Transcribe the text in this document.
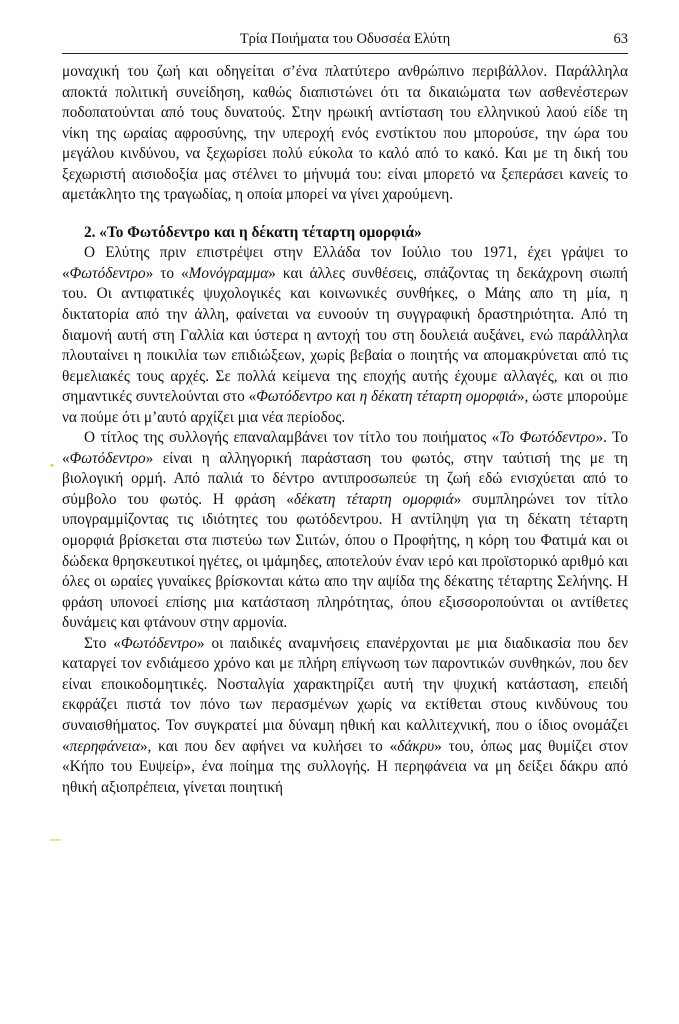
Τρία Ποιήματα του Οδυσσέα Ελύτη	63

μοναχική του ζωή και οδηγείται σ’ένα πλατύτερο ανθρώπινο περιβάλλον. Παράλληλα αποκτά πολιτική συνείδηση, καθώς διαπιστώνει ότι τα δικαιώματα των ασθενέστερων ποδοπατούνται από τους δυνατούς. Στην ηρωική αντίσταση του ελληνικού λαού είδε τη νίκη της ωραίας αφροσύνης, την υπεροχή ενός ενστίκτου που μπορούσε, την ώρα του μεγάλου κινδύνου, να ξεχωρίσει πολύ εύκολα το καλό από το κακό. Και με τη δική του ξεχωριστή αισιοδοξία μας στέλνει το μήνυμά του: είναι μπορετό να ξεπεράσει κανείς το αμετάκλητο της τραγωδίας, η οποία μπορεί να γίνει χαρούμενη.

2. «Το Φωτόδεντρο και η δέκατη τέταρτη ομορφιά»

Ο Ελύτης πριν επιστρέψει στην Ελλάδα τον Ιούλιο του 1971, έχει γράψει το «Φωτόδεντρο» το «Μονόγραμμα» και άλλες συνθέσεις, σπάζοντας τη δεκάχρονη σιωπή του. Οι αντιφατικές ψυχολογικές και κοινωνικές συνθήκες, ο Μάης απο τη μία, η δικτατορία από την άλλη, φαίνεται να ευνοούν τη συγγραφική δραστηριότητα. Από τη διαμονή αυτή στη Γαλλία και ύστερα η αντοχή του στη δουλειά αυξάνει, ενώ παράλληλα πλουταίνει η ποικιλία των επιδιώξεων, χωρίς βεβαία ο ποιητής να απομακρύνεται από τις θεμελιακές τους αρχές. Σε πολλά κείμενα της εποχής αυτής έχουμε αλλαγές, και οι πιο σημαντικές συντελούνται στο «Φωτόδεντρο και η δέκατη τέταρτη ομορφιά», ώστε μπορούμε να πούμε ότι μ’αυτό αρχίζει μια νέα περίοδος.

Ο τίτλος της συλλογής επαναλαμβάνει τον τίτλο του ποιήματος «Το Φωτόδεντρο». Το «Φωτόδεντρο» είναι η αλληγορική παράσταση του φωτός, στην ταύτισή της με τη βιολογική ορμή. Από παλιά το δέντρο αντιπροσωπεύε τη ζωή εδώ ενισχύεται από το σύμβολο του φωτός. Η φράση «δέκατη τέταρτη ομορφιά» συμπληρώνει τον τίτλο υπογραμμίζοντας τις ιδιότητες του φωτόδεντρου. Η αντίληψη για τη δέκατη τέταρτη ομορφιά βρίσκεται στα πιστεύω των Σιιτών, όπου ο Προφήτης, η κόρη του Φατιμά και οι δώδεκα θρησκευτικοί ηγέτες, οι ιμάμηδες, αποτελούν έναν ιερό και προϊστορικό αριθμό και όλες οι ωραίες γυναίκες βρίσκονται κάτω απο την αψίδα της δέκατης τέταρτης Σελήνης. Η φράση υπονοεί επίσης μια κατάσταση πληρότητας, όπου εξισσοροπούνται οι αντίθετες δυνάμεις και φτάνουν στην αρμονία.

Στο «Φωτόδεντρο» οι παιδικές αναμνήσεις επανέρχονται με μια διαδικασία που δεν καταργεί τον ενδιάμεσο χρόνο και με πλήρη επίγνωση των παροντικών συνθηκών, που δεν είναι εποικοδομητικές. Νοσταλγία χαρακτηρίζει αυτή την ψυχική κατάσταση, επειδή εκφράζει πιστά τον πόνο των περασμένων χωρίς να εκτίθεται στους κινδύνους του συναισθήματος. Τον συγκρατεί μια δύναμη ηθική και καλλιτεχνική, που ο ίδιος ονομάζει «περηφάνεια», και που δεν αφήνει να κυλήσει το «δάκρυ» του, όπως μας θυμίζει στον «Κήπο του Ευψείρ», ένα ποίημα της συλλογής. Η περηφάνεια να μη δείξει δάκρυ από ηθική αξιοπρέπεια, γίνεται ποιητική

•
—
